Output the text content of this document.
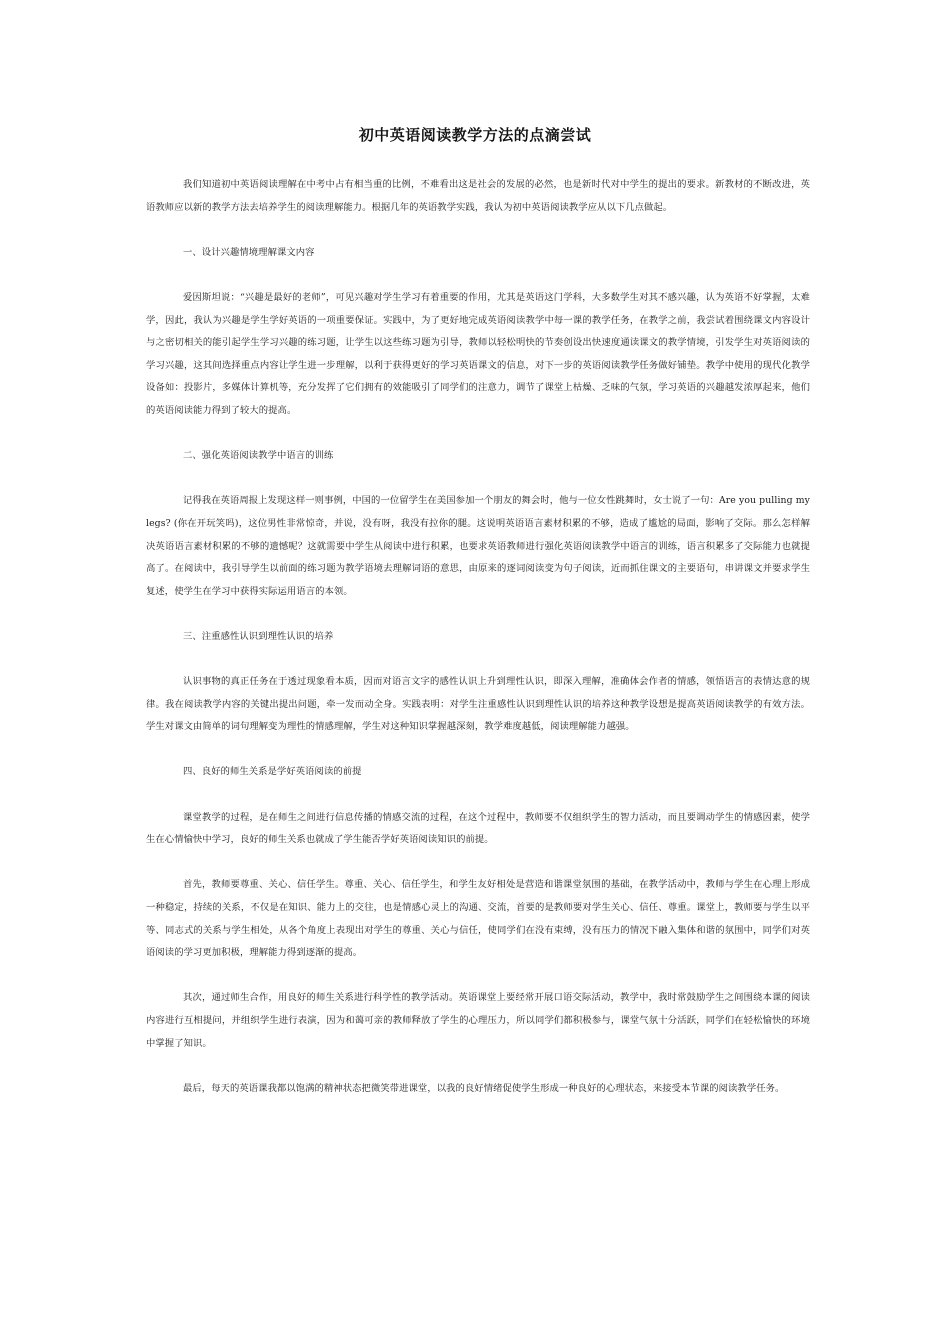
初中英语阅读教学方法的点滴尝试

我们知道初中英语阅读理解在中考中占有相当重的比例，不难看出这是社会的发展的必然，也是新时代对中学生的提出的要求。新教材的不断改进，英语教师应以新的教学方法去培养学生的阅读理解能力。根据几年的英语教学实践，我认为初中英语阅读教学应从以下几点做起。

一、设计兴趣情境理解课文内容

爱因斯坦说：“兴趣是最好的老师”，可见兴趣对学生学习有着重要的作用，尤其是英语这门学科，大多数学生对其不感兴趣，认为英语不好掌握，太难学，因此，我认为兴趣是学生学好英语的一项重要保证。实践中，为了更好地完成英语阅读教学中每一课的教学任务，在教学之前，我尝试着围绕课文内容设计与之密切相关的能引起学生学习兴趣的练习题，让学生以这些练习题为引导，教师以轻松明快的节奏创设出快速度通读课文的教学情境，引发学生对英语阅读的学习兴趣，这其间选择重点内容让学生进一步理解，以利于获得更好的学习英语课文的信息，对下一步的英语阅读教学任务做好铺垫。教学中使用的现代化教学设备如：投影片，多媒体计算机等，充分发挥了它们拥有的效能吸引了同学们的注意力，调节了课堂上枯燥、乏味的气氛，学习英语的兴趣越发浓厚起来，他们的英语阅读能力得到了较大的提高。

二、强化英语阅读教学中语言的训练

记得我在英语周报上发现这样一则事例，中国的一位留学生在美国参加一个朋友的舞会时，他与一位女性跳舞时，女士说了一句：Are you pulling my legs? (你在开玩笑吗)，这位男性非常惊奇，并说，没有呀，我没有拉你的腿。这说明英语语言素材积累的不够，造成了尴尬的局面，影响了交际。那么怎样解决英语语言素材积累的不够的遗憾呢？这就需要中学生从阅读中进行积累，也要求英语教师进行强化英语阅读教学中语言的训练，语言积累多了交际能力也就提高了。在阅读中，我引导学生以前面的练习题为教学语境去理解词语的意思，由原来的逐词阅读变为句子阅读，近而抓住课文的主要语句，串讲课文并要求学生复述，使学生在学习中获得实际运用语言的本领。

三、注重感性认识到理性认识的培养

认识事物的真正任务在于透过现象看本质，因而对语言文字的感性认识上升到理性认识，即深入理解，准确体会作者的情感，领悟语言的表情达意的规律。我在阅读教学内容的关键出提出问题，牵一发而动全身。实践表明：对学生注重感性认识到理性认识的培养这种教学设想是提高英语阅读教学的有效方法。学生对课文由简单的词句理解变为理性的情感理解，学生对这种知识掌握越深刻，教学难度越低，阅读理解能力越强。

四、良好的师生关系是学好英语阅读的前提

课堂教学的过程，是在师生之间进行信息传播的情感交流的过程，在这个过程中，教师要不仅组织学生的智力活动，而且要调动学生的情感因素，使学生在心情愉快中学习，良好的师生关系也就成了学生能否学好英语阅读知识的前提。

首先，教师要尊重、关心、信任学生。尊重、关心、信任学生，和学生友好相处是营造和谐课堂氛围的基础，在教学活动中，教师与学生在心理上形成一种稳定，持续的关系，不仅是在知识、能力上的交往，也是情感心灵上的沟通、交流，首要的是教师要对学生关心、信任、尊重。课堂上，教师要与学生以平等、同志式的关系与学生相处，从各个角度上表现出对学生的尊重、关心与信任，使同学们在没有束缚，没有压力的情况下融入集体和谐的氛围中，同学们对英语阅读的学习更加积极，理解能力得到逐渐的提高。

其次，通过师生合作，用良好的师生关系进行科学性的教学活动。英语课堂上要经常开展口语交际活动，教学中，我时常鼓励学生之间围绕本课的阅读内容进行互相提问，并组织学生进行表演，因为和蔼可亲的教师释放了学生的心理压力，所以同学们都积极参与，课堂气氛十分活跃，同学们在轻松愉快的环境中掌握了知识。

最后，每天的英语课我都以饱满的精神状态把微笑带进课堂，以我的良好情绪促使学生形成一种良好的心理状态，来接受本节课的阅读教学任务。
